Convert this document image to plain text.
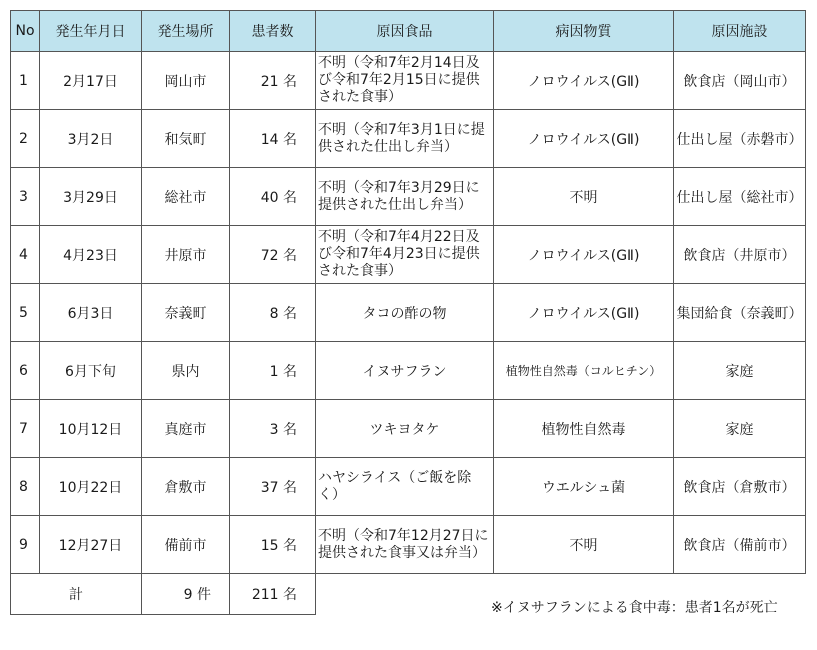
No	発生年月日	発生場所	患者数	原因食品	病因物質	原因施設
1	2月17日	岡山市	21 名	不明（令和7年2月14日及び令和7年2月15日に提供された食事）	ノロウイルス(GⅡ)	飲食店（岡山市）
2	3月2日	和気町	14 名	不明（令和7年3月1日に提供された仕出し弁当）	ノロウイルス(GⅡ)	仕出し屋（赤磐市）
3	3月29日	総社市	40 名	不明（令和7年3月29日に提供された仕出し弁当）	不明	仕出し屋（総社市）
4	4月23日	井原市	72 名	不明（令和7年4月22日及び令和7年4月23日に提供された食事）	ノロウイルス(GⅡ)	飲食店（井原市）
5	6月3日	奈義町	8 名	タコの酢の物	ノロウイルス(GⅡ)	集団給食（奈義町）
6	6月下旬	県内	1 名	イヌサフラン	植物性自然毒（コルヒチン）	家庭
7	10月12日	真庭市	3 名	ツキヨタケ	植物性自然毒	家庭
8	10月22日	倉敷市	37 名	ハヤシライス（ご飯を除く）	ウエルシュ菌	飲食店（倉敷市）
9	12月27日	備前市	15 名	不明（令和7年12月27日に提供された食事又は弁当）	不明	飲食店（備前市）
計		9 件	211 名			
※イヌサフランによる食中毒：患者1名が死亡
